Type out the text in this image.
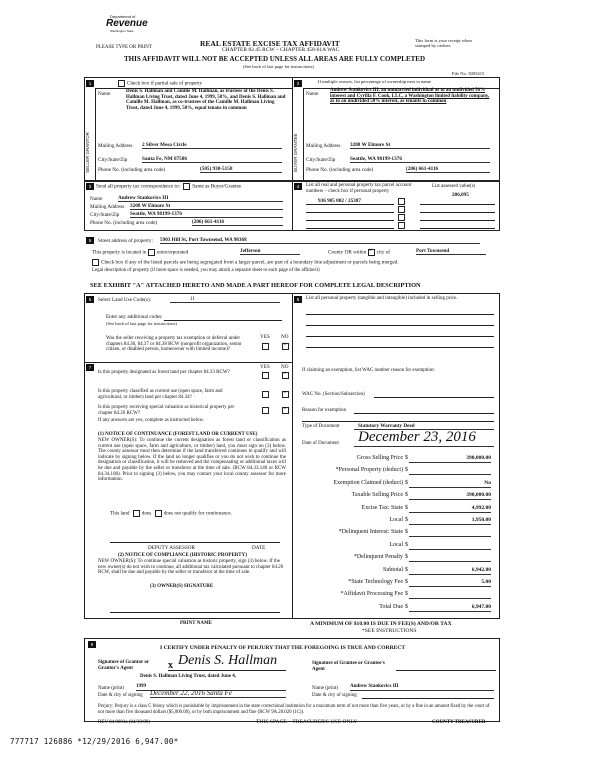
Department of
Revenue
Washington State
PLEASE TYPE OR PRINT	REAL ESTATE EXCISE TAX AFFIDAVIT
CHAPTER 82.45 RCW – CHAPTER 458-61A WAC
This form is your receipt when stamped by cashier.
THIS AFFIDAVIT WILL NOT BE ACCEPTED UNLESS ALL AREAS ARE FULLY COMPLETED
(See back of last page for instructions)
File No. 5005415
Check box if partial sale of property
1
SELLER GRANTOR
Name	Denis S. Hallman and Camille M. Hallman, as trustees of the Denis S. Hallman Living Trust, dated June 4, 1999, 50%, and Denis S. Hallman and Camille M. Hallman, as co-trustees of the Camille M. Hallman Living Trust, dated June 4, 1999, 50%, equal tenans in common
Mailing Address 2 Silver Mesa Circle
City/State/Zip	Santa Fe, NM 87506
Phone No. (including area code)	(505) 930-5158
2	If multiple owners, list percentage of ownership next to name
BUYER GRANTEE
Name
Andrew Stankovics III, an unmarried individual as to an undivided 50% interest and Cyrilla F. Cook, LLC, a Washington limited liability company, as to an undivided 50% interest, as tenants in common
Mailing Address 3208 W Elmore St
City/State/Zip	Seattle, WA 98199-1376
Phone No. (including area code)	(206) 661-4116
3 Send all property tax correspondence to: Same as Buyer/Grantee
Name	Andrew Stankovics III
Mailing Address 3208 W Elmore St
City/State/Zip Seattle, WA 98199-1376
Phone No. (including area code)	(206) 661-4116
4	List all real and personal property tax parcel account numbers – check box if personal property
List assessed value(s)
936 905 002 / 25387
206,095
5	Street address of property: 5903 Hill St, Port Townsend, WA 98368
This property is located in unincorporated	Jefferson	County OR within × city of	Port Townsend
Check box if any of the listed parcels are being segregated from a larger parcel, are part of a boundary line adjustment or parcels being merged.
Legal description of property (if more space is needed, you may attach a separate sheet to each page of the affidavit)
SEE EXHIBIT "A" ATTACHED HERETO AND MADE A PART HEREOF FOR COMPLETE LEGAL DESCRIPTION
6	Select Land Use Code(s):	11
Enter any additional codes:
(See back of last page for instructions)
YES NO
Was the seller receiving a property tax exemption or deferral under chapters 84.36, 84.37 or 84.38 RCW (nonprofit organization, senior citizen, or disabled person, homeowner with limited income)?
×
7	YES NO
Is this property designated as forest land per chapter 84.33 RCW?
×
Is this property classified as current use (open space, farm and agricultural, or timber) land per chapter 84.34?
×
Is this property receiving special valuation as historical property per chapter 84.26 RCW?
×
If any answers are yes, complete as instructed below.
(1) NOTICE OF CONTINUANCE (FOREST LAND OR CURRENT USE)
NEW OWNER(S): To continue the current designation as forest land or classification as current use (open space, farm and agriculture, or timber) land, you must sign on (3) below. The county assessor must then determine if the land transferred continues to qualify and will indicate by signing below. If the land no longer qualifies or you do not wish to continue the designation or classification, it will be removed and the compensating or additional taxes will be due and payable by the seller or transferor at the time of sale. (RCW 84.33.140 or RCW 84.34.108). Prior to signing (3) below, you may contact your local county assessor for more information.
This land does does not qualify for continuance.
DEPUTY ASSESSOR	DATE
(2) NOTICE OF COMPLIANCE (HISTORIC PROPERTY)
NEW OWNER(S): To continue special valuation as historic property, sign (3) below. If the new owner(s) do not wish to continue, all additional tax calculated pursuant to chapter 84.26 RCW, shall be due and payable by the seller or transferor at the time of sale.
(3) OWNER(S) SIGNATURE
PRINT NAME
8	List all personal property (tangible and intangible) included in selling price.
If claiming an exemption, list WAC number reason for exemption:
WAC No. (Section/Subsection)
Reason for exemption
Type of Document	Statutory Warranty Deed
Date of Document December 23, 2016
Gross Selling Price $	390,000.00
*Personal Property (deduct) $
Exemption Claimed (deduct) $	No
Taxable Selling Price $	390,000.00
Excise Tax: State $	4,992.00
Local $	1,950.00
*Delinquent Interest: State $
Local $
*Delinquent Penalty $
Subtotal $	6,942.00
*State Technology Fee $	5.00
*Affidavit Processing Fee $
Total Due $	6,947.00
A MINIMUM OF $10.00 IS DUE IN FEE(S) AND/OR TAX
*SEE INSTRUCTIONS
9
I CERTIFY UNDER PENALTY OF PERJURY THAT THE FOREGOING IS TRUE AND CORRECT
Signature of Grantor or Grantor's Agent	x Denis S. Hallman
Denis S. Hallman Living Trust, dated June 4,
Name (print) 1999
Date & city of signing December 22, 2016 Santa Fe
Signature of Grantee or Grantee's Agent
Name (print) Andrew Stankovics III
Date & city of signing
Perjury: Perjury is a class C felony which is punishable by imprisonment in the state correctional institution for a maximum term of not more than five years, or by a fine in an amount fixed by the court of not more than five thousand dollars ($5,000.00), or by both imprisonment and fine (RCW 9A.20.020 (1C)).
REV 84 0001a (04/30/09)	THIS SPACE – TREASURER'S USE ONLY	COUNTY TREASURER
777717 126886 *12/29/2016 6,947.00*
